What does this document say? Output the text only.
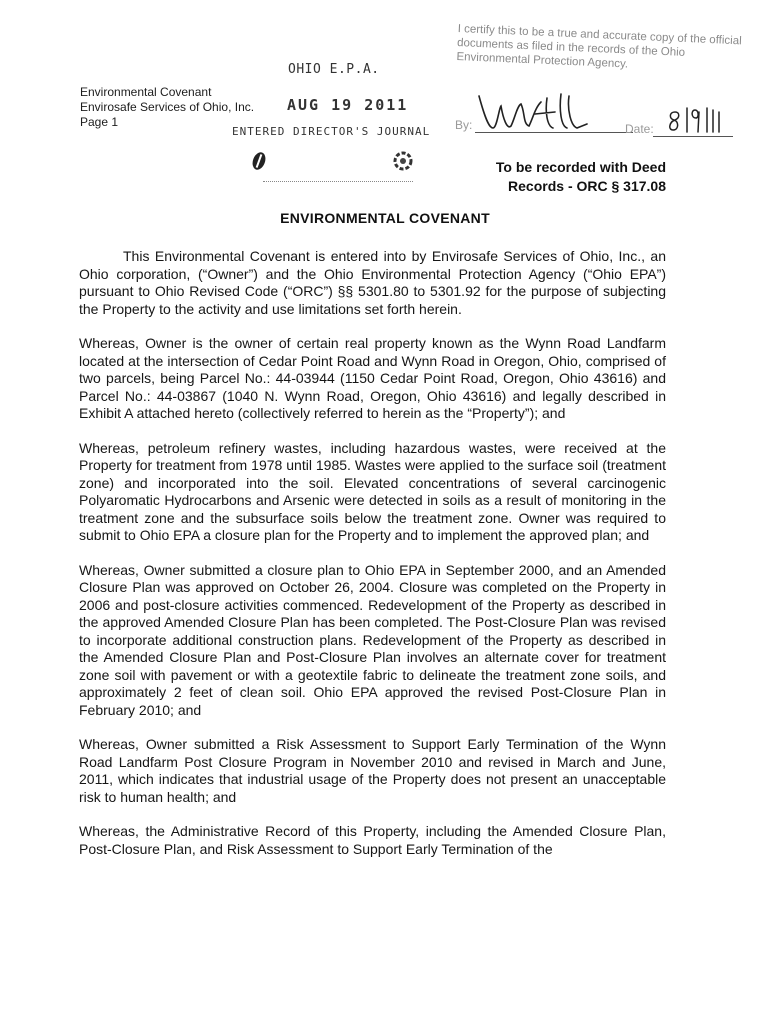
Environmental Covenant
Envirosafe Services of Ohio, Inc.
Page 1
OHIO E.P.A.
AUG 19 2011
ENTERED DIRECTOR'S JOURNAL
I certify this to be a true and accurate copy of the official documents as filed in the records of the Ohio Environmental Protection Agency.
By:	Date:
To be recorded with Deed
Records - ORC § 317.08
ENVIRONMENTAL COVENANT

This Environmental Covenant is entered into by Envirosafe Services of Ohio, Inc., an Ohio corporation, (“Owner”) and the Ohio Environmental Protection Agency (“Ohio EPA”) pursuant to Ohio Revised Code (“ORC”) §§ 5301.80 to 5301.92 for the purpose of subjecting the Property to the activity and use limitations set forth herein.

Whereas, Owner is the owner of certain real property known as the Wynn Road Landfarm located at the intersection of Cedar Point Road and Wynn Road in Oregon, Ohio, comprised of two parcels, being Parcel No.: 44-03944 (1150 Cedar Point Road, Oregon, Ohio 43616) and Parcel No.: 44-03867 (1040 N. Wynn Road, Oregon, Ohio 43616) and legally described in Exhibit A attached hereto (collectively referred to herein as the “Property”); and

Whereas, petroleum refinery wastes, including hazardous wastes, were received at the Property for treatment from 1978 until 1985. Wastes were applied to the surface soil (treatment zone) and incorporated into the soil. Elevated concentrations of several carcinogenic Polyaromatic Hydrocarbons and Arsenic were detected in soils as a result of monitoring in the treatment zone and the subsurface soils below the treatment zone. Owner was required to submit to Ohio EPA a closure plan for the Property and to implement the approved plan; and

Whereas, Owner submitted a closure plan to Ohio EPA in September 2000, and an Amended Closure Plan was approved on October 26, 2004. Closure was completed on the Property in 2006 and post-closure activities commenced. Redevelopment of the Property as described in the approved Amended Closure Plan has been completed. The Post-Closure Plan was revised to incorporate additional construction plans. Redevelopment of the Property as described in the Amended Closure Plan and Post-Closure Plan involves an alternate cover for treatment zone soil with pavement or with a geotextile fabric to delineate the treatment zone soils, and approximately 2 feet of clean soil. Ohio EPA approved the revised Post-Closure Plan in February 2010; and

Whereas, Owner submitted a Risk Assessment to Support Early Termination of the Wynn Road Landfarm Post Closure Program in November 2010 and revised in March and June, 2011, which indicates that industrial usage of the Property does not present an unacceptable risk to human health; and

Whereas, the Administrative Record of this Property, including the Amended Closure Plan, Post-Closure Plan, and Risk Assessment to Support Early Termination of the
